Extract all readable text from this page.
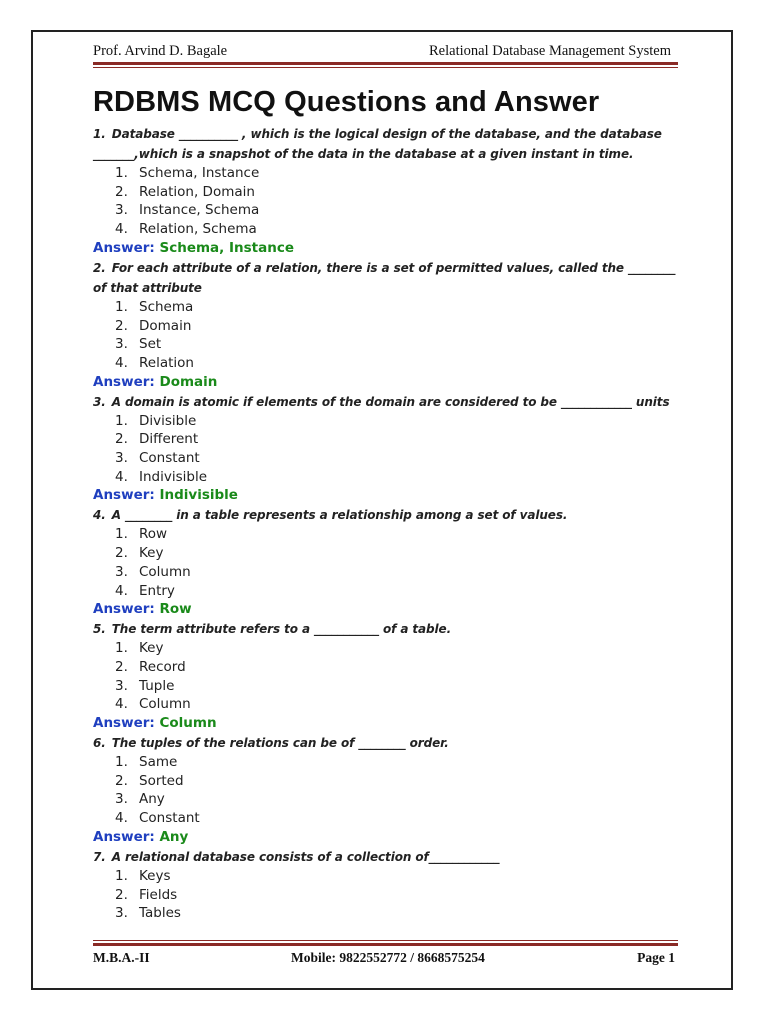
Prof. Arvind D. Bagale	Relational Database Management System
RDBMS MCQ Questions and Answer

1. Database __________ , which is the logical design of the database, and the database _______,which is a snapshot of the data in the database at a given instant in time.

1. Schema, Instance
2. Relation, Domain
3. Instance, Schema
4. Relation, Schema

Answer: Schema, Instance

2. For each attribute of a relation, there is a set of permitted values, called the ________ of that attribute

1. Schema
2. Domain
3. Set
4. Relation

Answer: Domain

3. A domain is atomic if elements of the domain are considered to be ____________ units

1. Divisible
2. Different
3. Constant
4. Indivisible

Answer: Indivisible

4. A ________ in a table represents a relationship among a set of values.

1. Row
2. Key
3. Column
4. Entry

Answer: Row

5. The term attribute refers to a ___________ of a table.

1. Key
2. Record
3. Tuple
4. Column

Answer: Column

6. The tuples of the relations can be of ________ order.

1. Same
2. Sorted
3. Any
4. Constant

Answer: Any

7. A relational database consists of a collection of____________

1. Keys
2. Fields
3. Tables
M.B.A.-II	Mobile: 9822552772 / 8668575254	Page 1
